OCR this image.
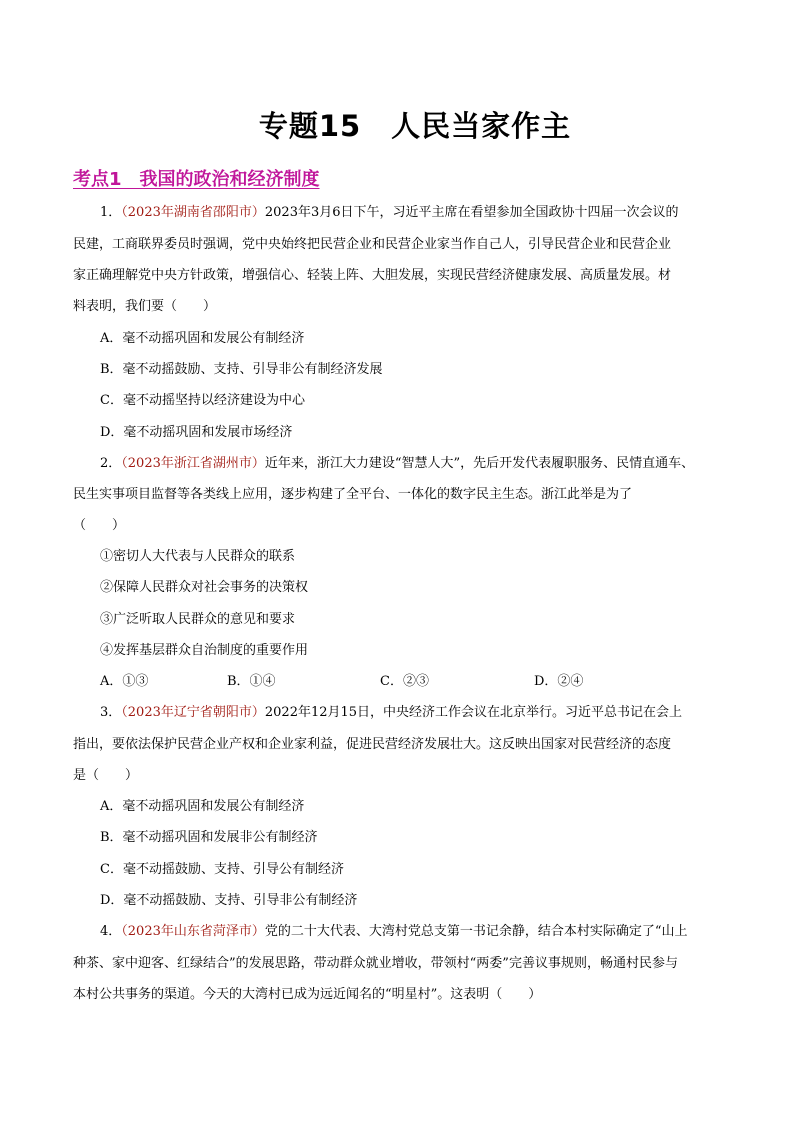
专题15　人民当家作主
考点1　我国的政治和经济制度
1．（2023年湖南省邵阳市）2023年3月6日下午，习近平主席在看望参加全国政协十四届一次会议的
民建，工商联界委员时强调，党中央始终把民营企业和民营企业家当作自己人，引导民营企业和民营企业
家正确理解党中央方针政策，增强信心、轻装上阵、大胆发展，实现民营经济健康发展、高质量发展。材
料表明，我们要（　　）
A．毫不动摇巩固和发展公有制经济
B．毫不动摇鼓励、支持、引导非公有制经济发展
C．毫不动摇坚持以经济建设为中心
D．毫不动摇巩固和发展市场经济
2．（2023年浙江省湖州市）近年来，浙江大力建设“智慧人大”，先后开发代表履职服务、民情直通车、
民生实事项目监督等各类线上应用，逐步构建了全平台、一体化的数字民主生态。浙江此举是为了
（　　）
①密切人大代表与人民群众的联系
②保障人民群众对社会事务的决策权
③广泛听取人民群众的意见和要求
④发挥基层群众自治制度的重要作用
A．①③	B．①④	C．②③	D．②④
3．（2023年辽宁省朝阳市）2022年12月15日，中央经济工作会议在北京举行。习近平总书记在会上
指出，要依法保护民营企业产权和企业家利益，促进民营经济发展壮大。这反映出国家对民营经济的态度
是（　　）
A．毫不动摇巩固和发展公有制经济
B．毫不动摇巩固和发展非公有制经济
C．毫不动摇鼓励、支持、引导公有制经济
D．毫不动摇鼓励、支持、引导非公有制经济
4．（2023年山东省菏泽市）党的二十大代表、大湾村党总支第一书记余静，结合本村实际确定了“山上
种茶、家中迎客、红绿结合”的发展思路，带动群众就业增收，带领村“两委”完善议事规则，畅通村民参与
本村公共事务的渠道。今天的大湾村已成为远近闻名的“明星村”。这表明（　　）
